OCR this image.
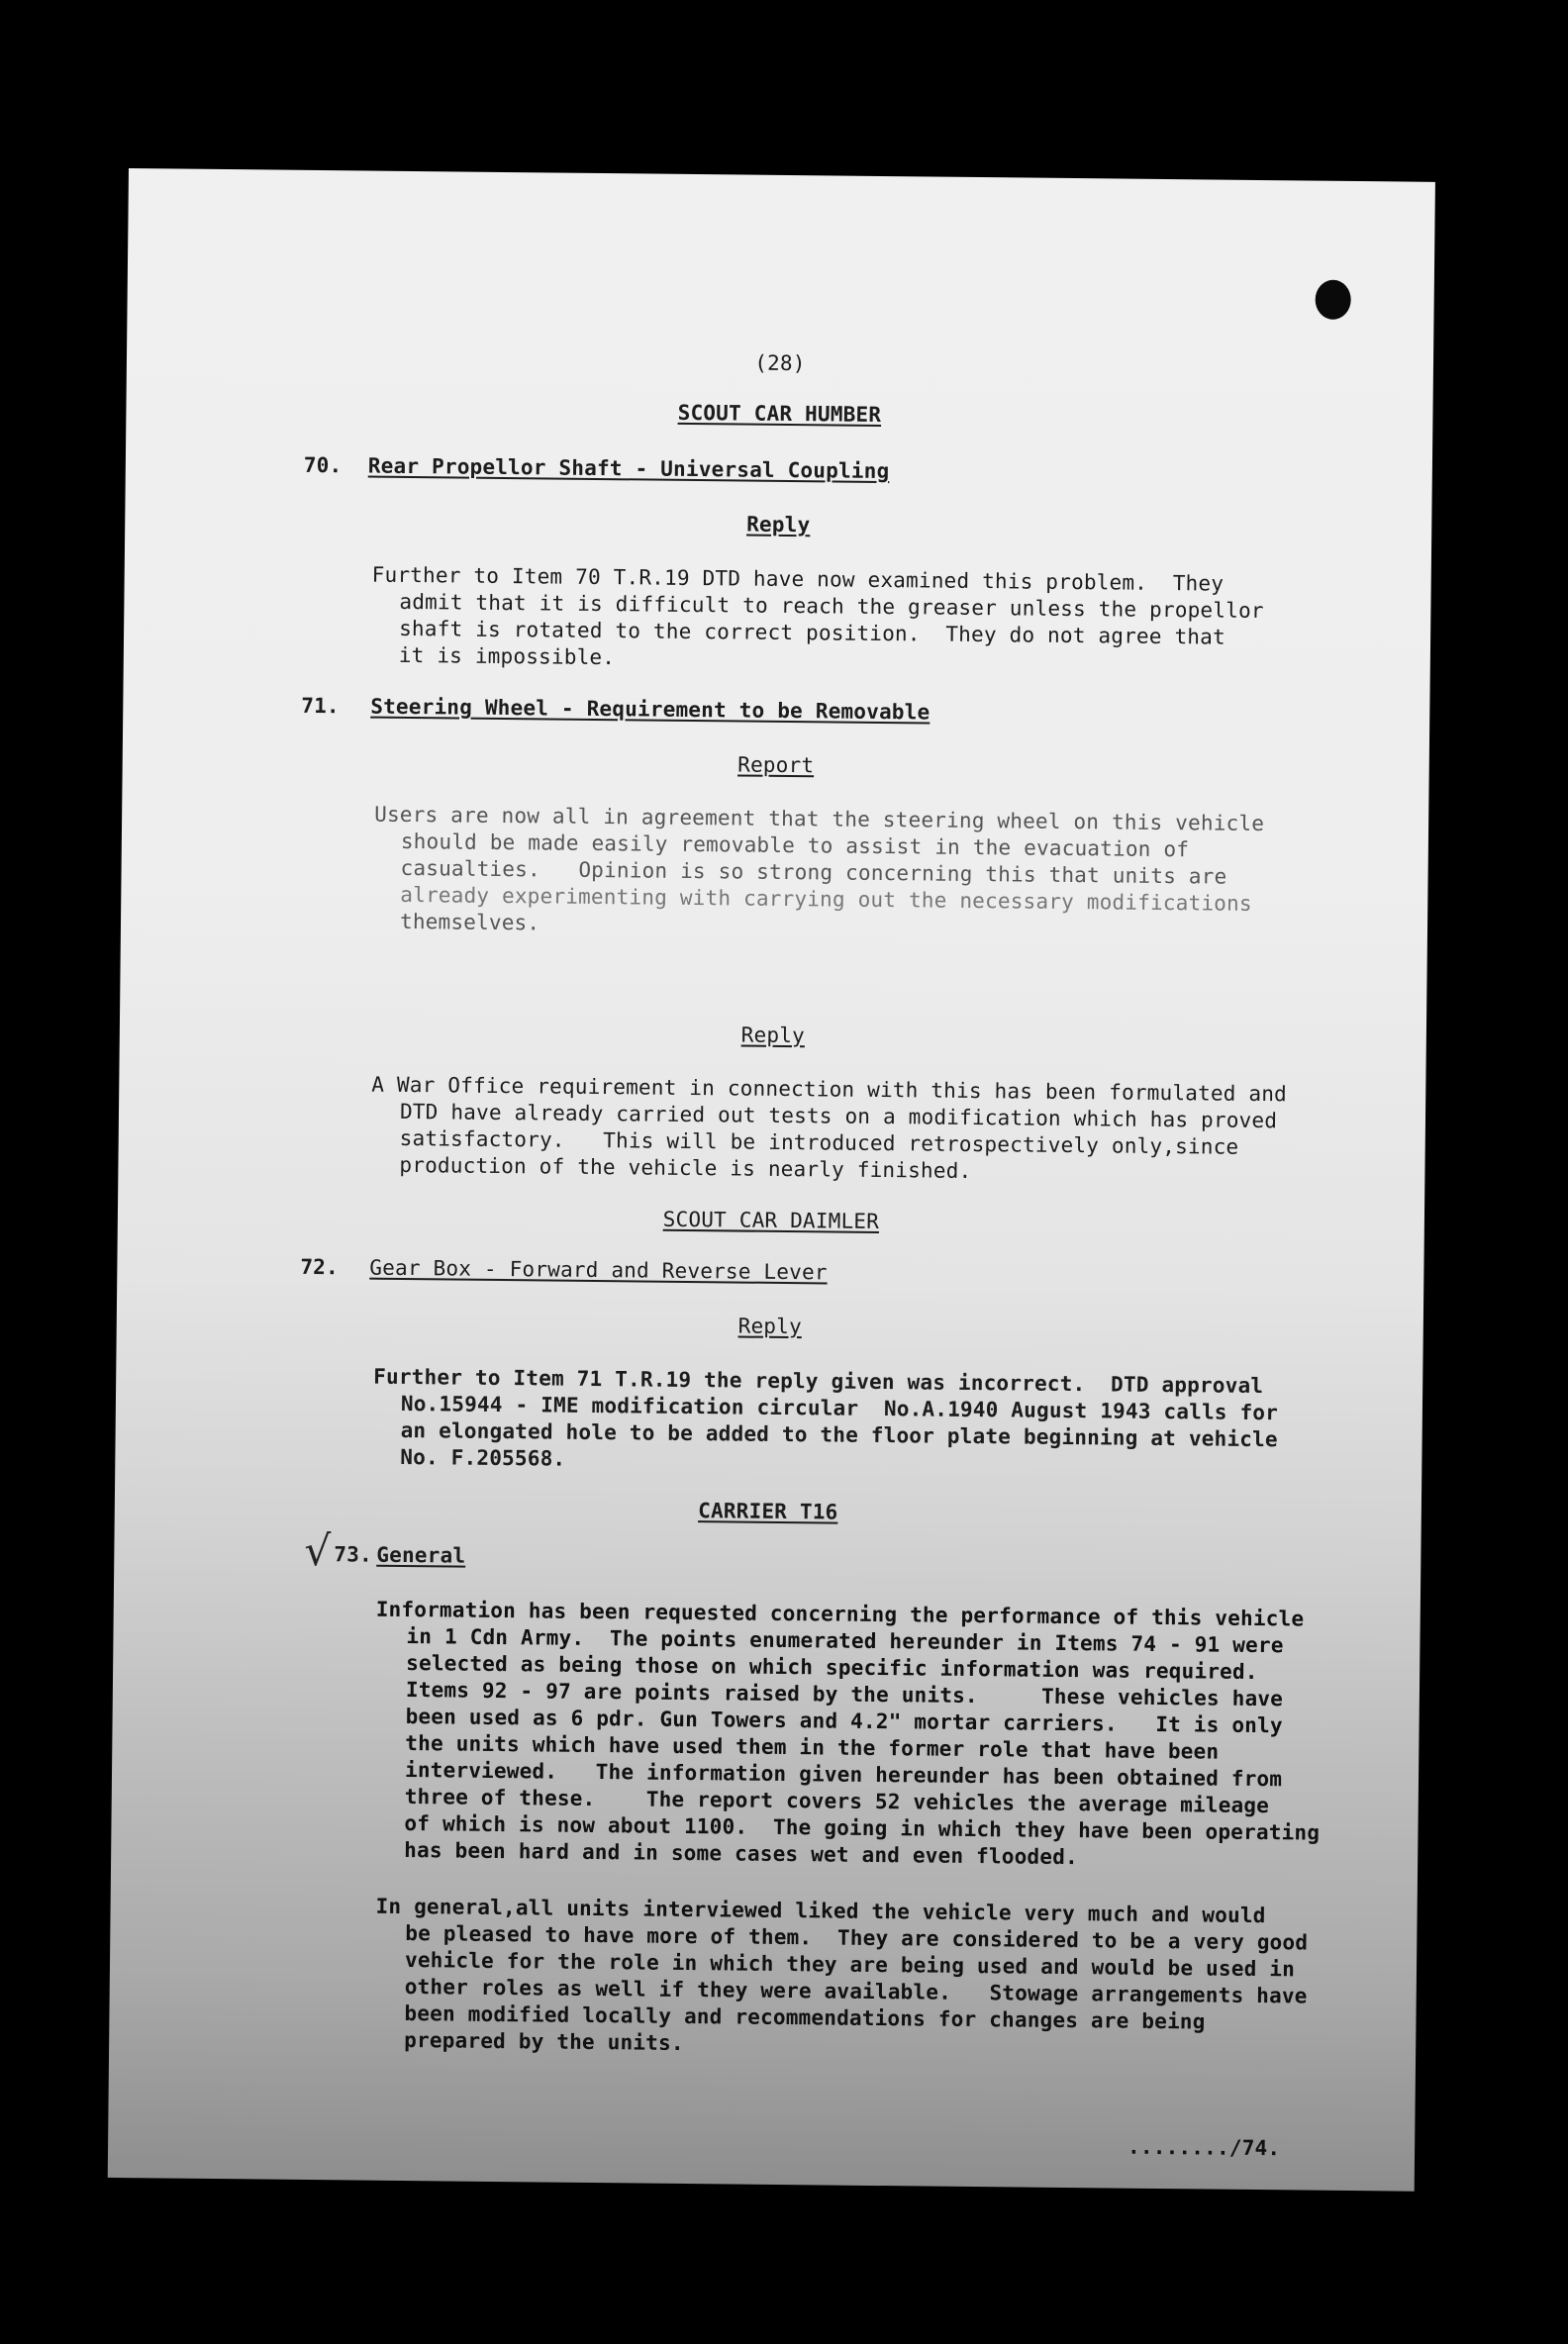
(28)
SCOUT CAR HUMBER
70. Rear Propellor Shaft - Universal Coupling
Reply
Further to Item 70 T.R.19 DTD have now examined this problem.  They
admit that it is difficult to reach the greaser unless the propellor
shaft is rotated to the correct position.  They do not agree that
it is impossible.
71. Steering Wheel - Requirement to be Removable
Report
Users are now all in agreement that the steering wheel on this vehicle
should be made easily removable to assist in the evacuation of
casualties.   Opinion is so strong concerning this that units are
already experimenting with carrying out the necessary modifications
themselves.
Reply
A War Office requirement in connection with this has been formulated and
DTD have already carried out tests on a modification which has proved
satisfactory.   This will be introduced retrospectively only,since
production of the vehicle is nearly finished.
SCOUT CAR DAIMLER
72. Gear Box - Forward and Reverse Lever
Reply
Further to Item 71 T.R.19 the reply given was incorrect.  DTD approval
No.15944 - IME modification circular  No.A.1940 August 1943 calls for
an elongated hole to be added to the floor plate beginning at vehicle
No. F.205568.
CARRIER T16
√ 73. General
Information has been requested concerning the performance of this vehicle
in 1 Cdn Army.  The points enumerated hereunder in Items 74 - 91 were
selected as being those on which specific information was required.
Items 92 - 97 are points raised by the units.     These vehicles have
been used as 6 pdr. Gun Towers and 4.2" mortar carriers.   It is only
the units which have used them in the former role that have been
interviewed.   The information given hereunder has been obtained from
three of these.    The report covers 52 vehicles the average mileage
of which is now about 1100.  The going in which they have been operating
has been hard and in some cases wet and even flooded.
In general,all units interviewed liked the vehicle very much and would
be pleased to have more of them.  They are considered to be a very good
vehicle for the role in which they are being used and would be used in
other roles as well if they were available.   Stowage arrangements have
been modified locally and recommendations for changes are being
prepared by the units.
......../74.
